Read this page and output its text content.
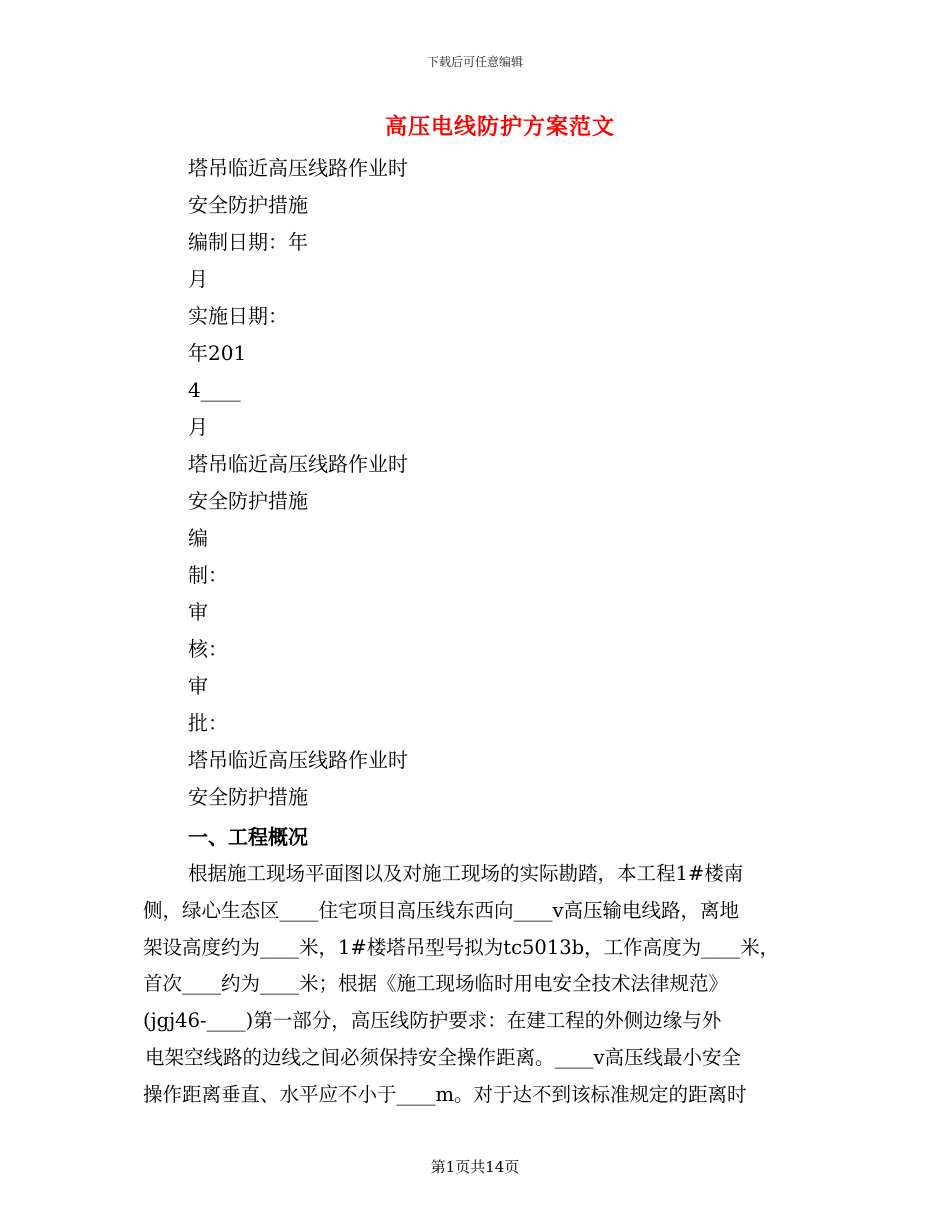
下载后可任意编辑
高压电线防护方案范文
塔吊临近高压线路作业时
安全防护措施
编制日期：年
月
实施日期：
年201
4____
月
塔吊临近高压线路作业时
安全防护措施
编
制：
审
核：
审
批：
塔吊临近高压线路作业时
安全防护措施
一、工程概况
根据施工现场平面图以及对施工现场的实际勘踏，本工程1#楼南
侧，绿心生态区____住宅项目高压线东西向____v高压输电线路，离地
架设高度约为____米，1#楼塔吊型号拟为tc5013b，工作高度为____米，
首次____约为____米；根据《施工现场临时用电安全技术法律规范》
(jgj46-____)第一部分，高压线防护要求：在建工程的外侧边缘与外
电架空线路的边线之间必须保持安全操作距离。____v高压线最小安全
操作距离垂直、水平应不小于____m。对于达不到该标准规定的距离时
第1页共14页
